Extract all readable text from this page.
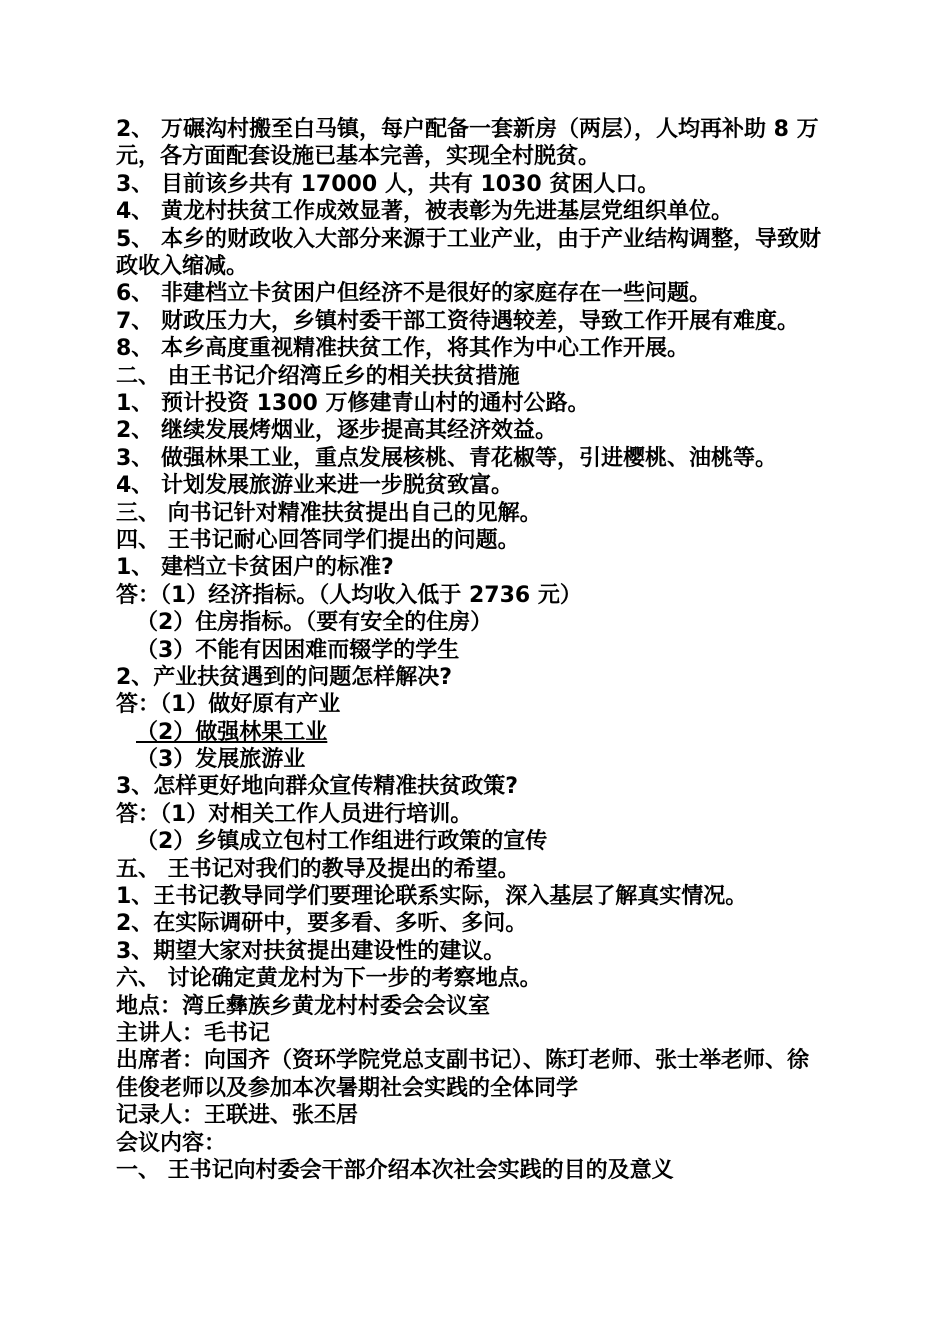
2、 万碾沟村搬至白马镇，每户配备一套新房（两层），人均再补助 8 万元，各方面配套设施已基本完善，实现全村脱贫。
3、 目前该乡共有 17000 人，共有 1030 贫困人口。
4、 黄龙村扶贫工作成效显著，被表彰为先进基层党组织单位。
5、 本乡的财政收入大部分来源于工业产业，由于产业结构调整，导致财政收入缩减。
6、 非建档立卡贫困户但经济不是很好的家庭存在一些问题。
7、 财政压力大，乡镇村委干部工资待遇较差，导致工作开展有难度。
8、 本乡高度重视精准扶贫工作，将其作为中心工作开展。
二、 由王书记介绍湾丘乡的相关扶贫措施
1、 预计投资 1300 万修建青山村的通村公路。
2、 继续发展烤烟业，逐步提高其经济效益。
3、 做强林果工业，重点发展核桃、青花椒等，引进樱桃、油桃等。
4、 计划发展旅游业来进一步脱贫致富。
三、 向书记针对精准扶贫提出自己的见解。
四、 王书记耐心回答同学们提出的问题。
1、 建档立卡贫困户的标准?
答：（1）经济指标。（人均收入低于 2736 元）
（2）住房指标。（要有安全的住房）
（3）不能有因困难而辍学的学生
2、产业扶贫遇到的问题怎样解决?
答：（1）做好原有产业
（2）做强林果工业
（3）发展旅游业
3、怎样更好地向群众宣传精准扶贫政策?
答：（1）对相关工作人员进行培训。
（2）乡镇成立包村工作组进行政策的宣传
五、 王书记对我们的教导及提出的希望。
1、王书记教导同学们要理论联系实际，深入基层了解真实情况。
2、在实际调研中，要多看、多听、多问。
3、期望大家对扶贫提出建设性的建议。
六、 讨论确定黄龙村为下一步的考察地点。
地点：湾丘彝族乡黄龙村村委会会议室
主讲人：毛书记
出席者：向国齐（资环学院党总支副书记）、陈玎老师、张士举老师、徐佳俊老师以及参加本次暑期社会实践的全体同学
记录人：王联进、张丕居
会议内容：
一、 王书记向村委会干部介绍本次社会实践的目的及意义
